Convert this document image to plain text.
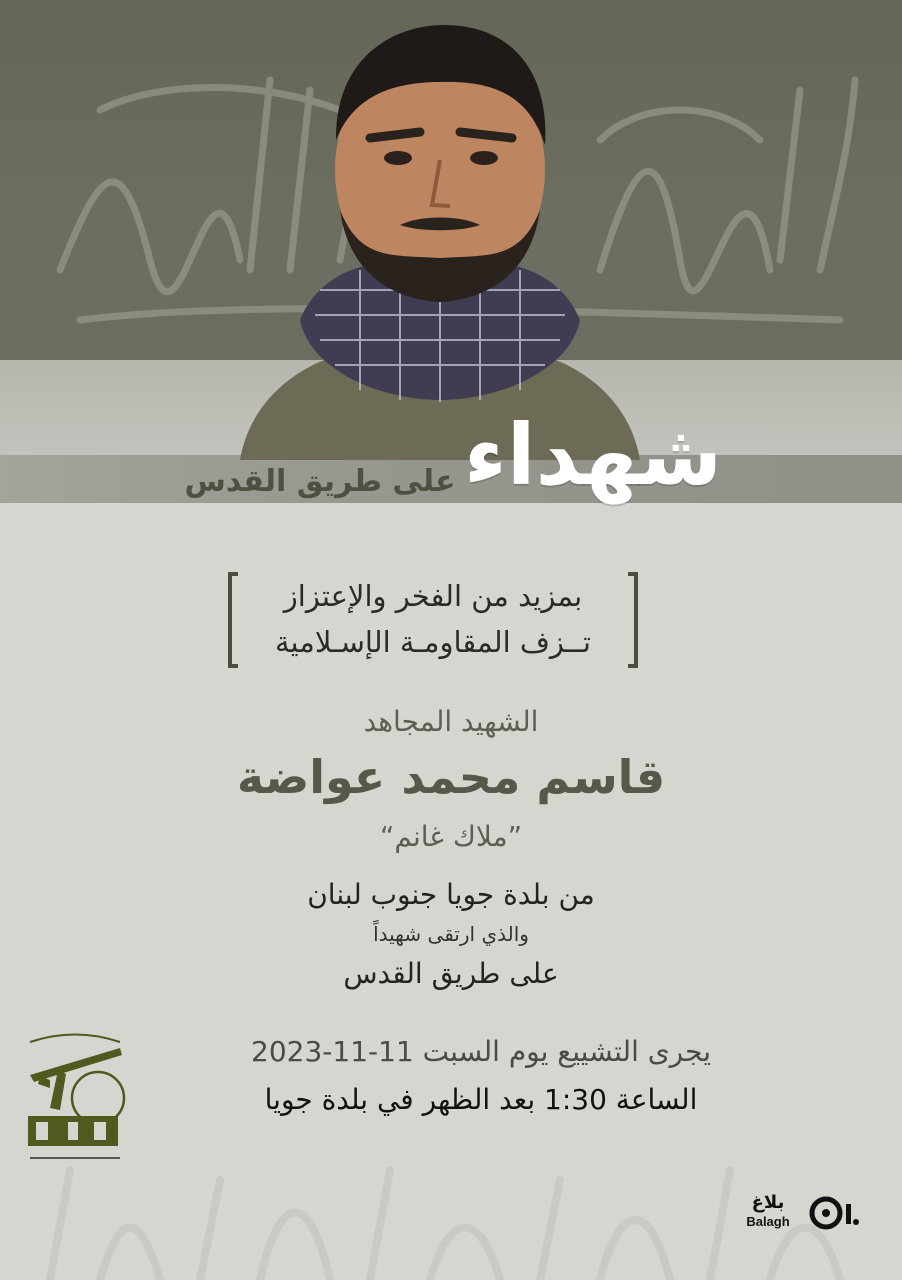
شهداء
على طريق القدس
بمزيد من الفخر والإعتزاز
تــزف المقاومـة الإسـلامية
الشهيد المجاهد
قاسم محمد عواضة
”ملاك غانم“
من بلدة جويا جنوب لبنان
والذي ارتقى شهيداً
على طريق القدس
يجرى التشييع يوم السبت 11-11-2023
الساعة 1:30 بعد الظهر في بلدة جويا
بلاغ
Balagh
